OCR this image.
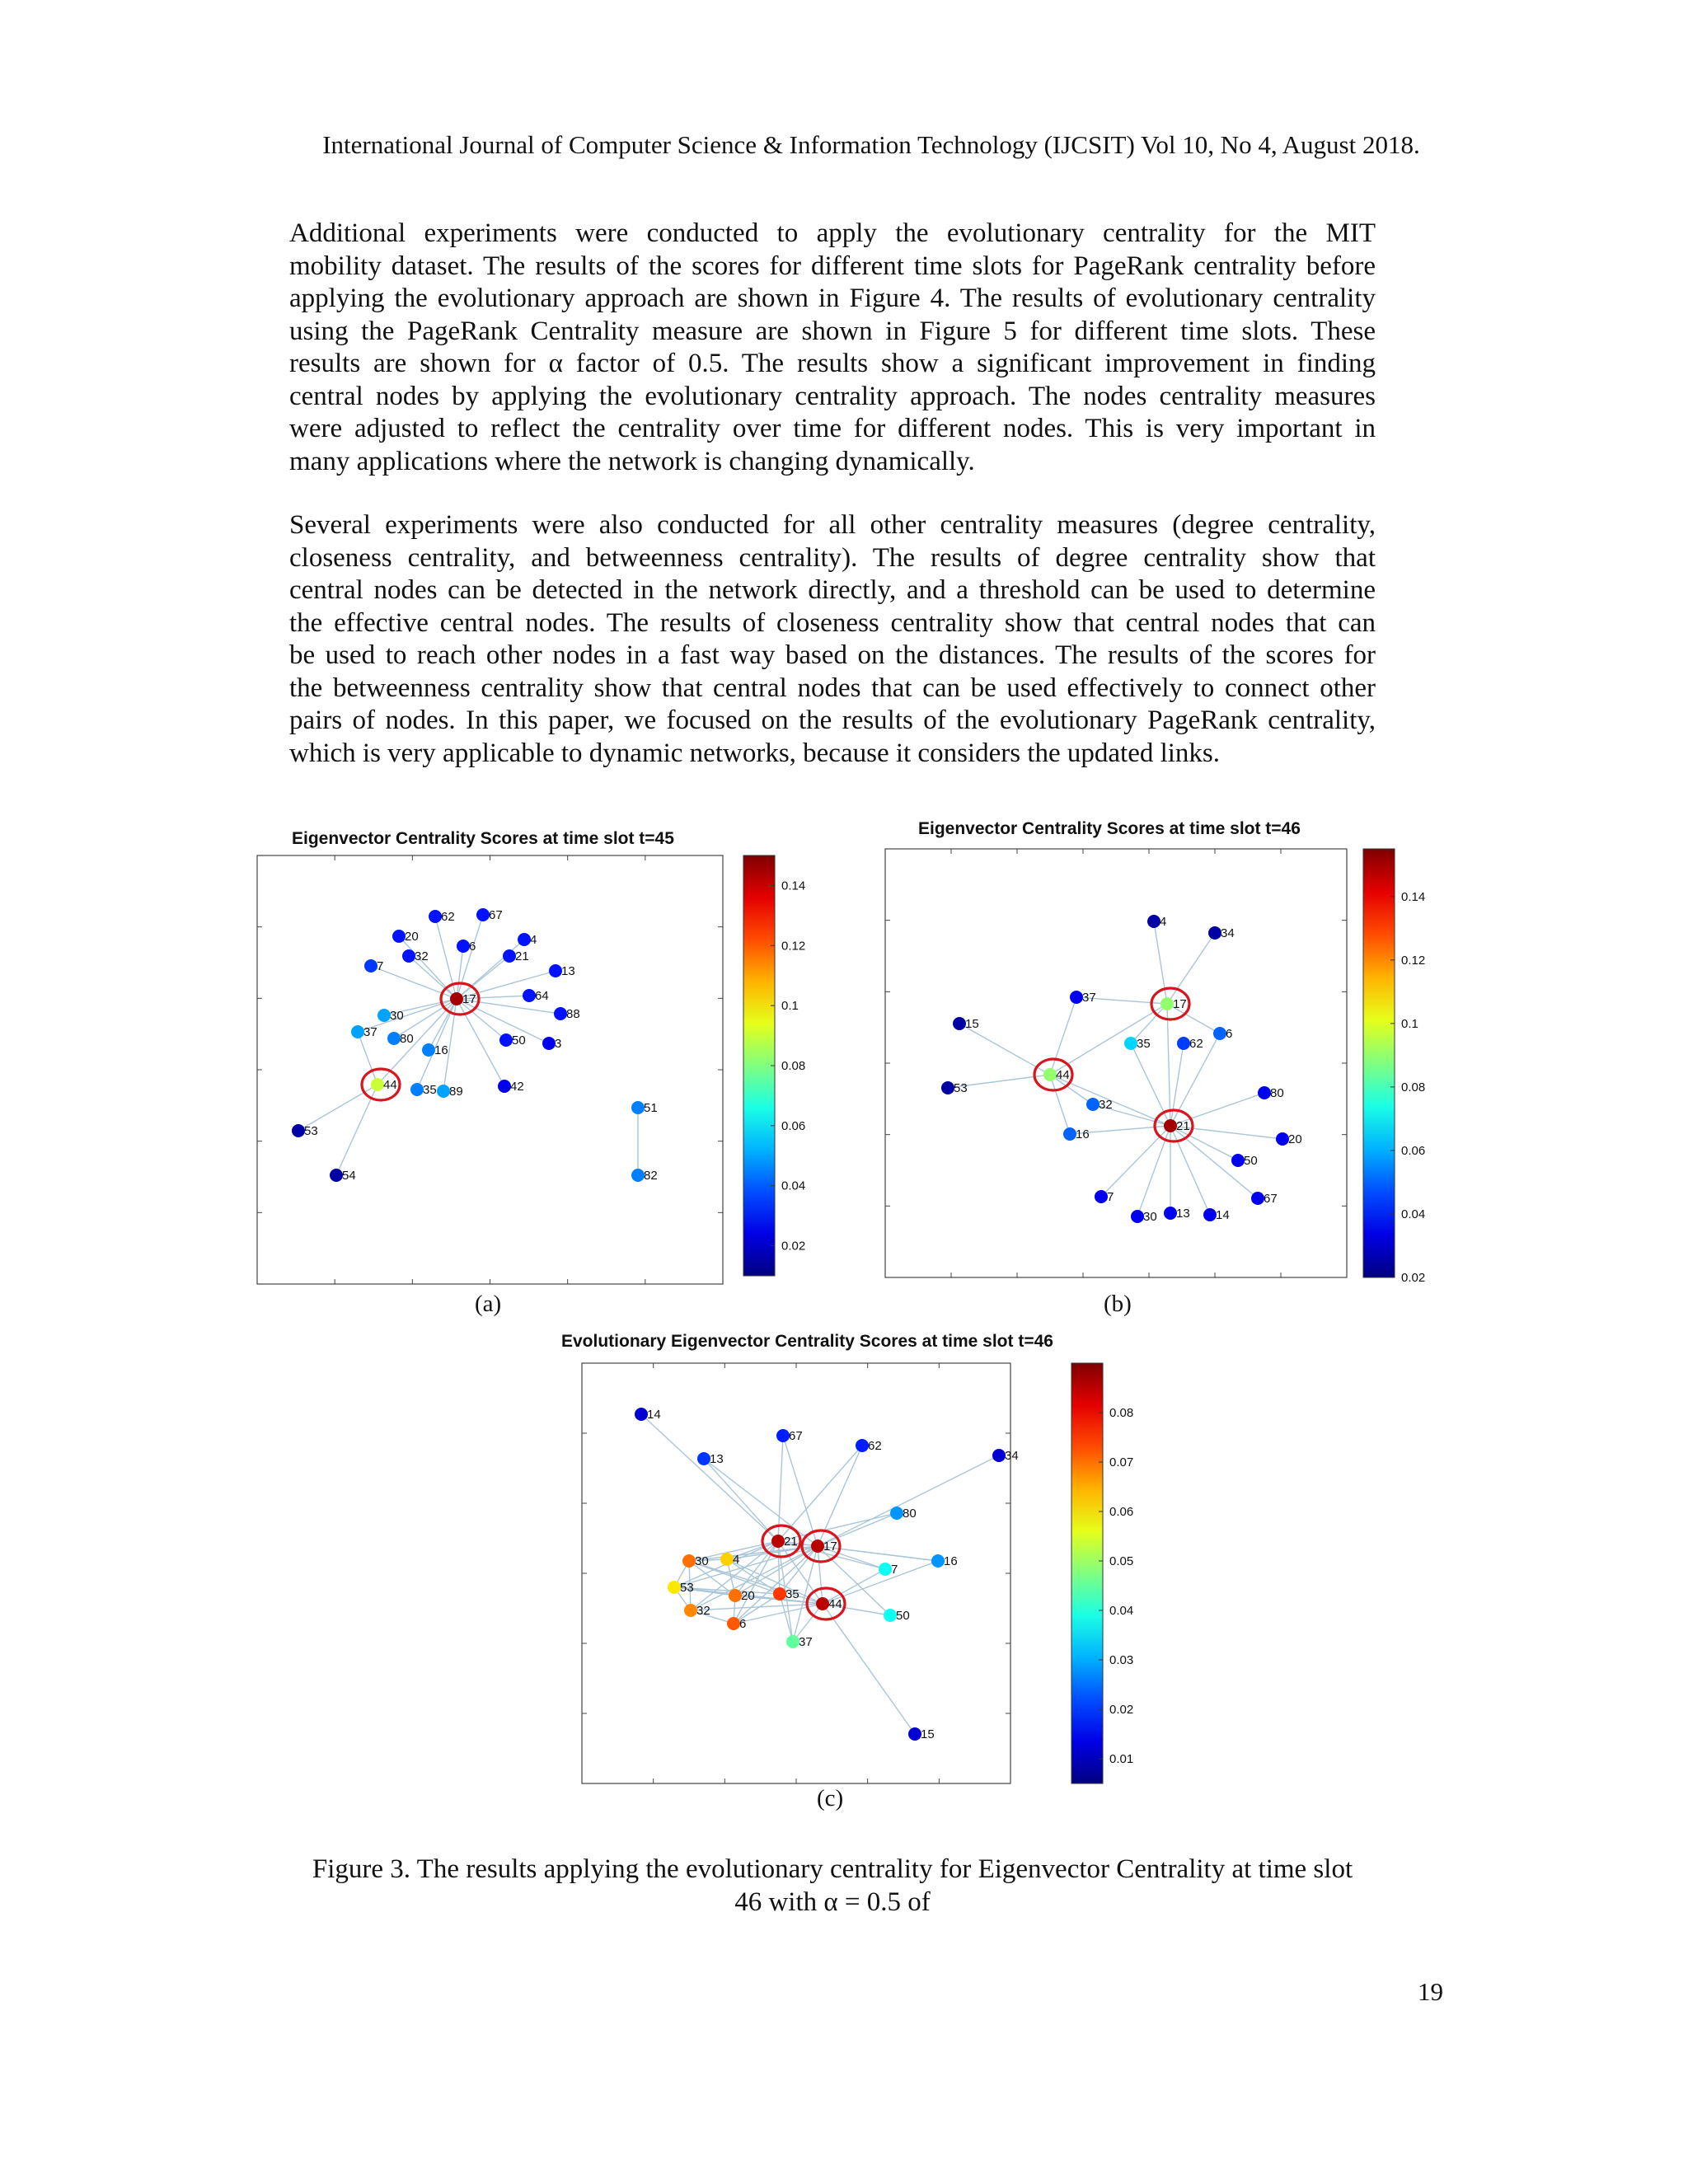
International Journal of Computer Science & Information Technology (IJCSIT) Vol 10, No 4, August 2018.
Additional experiments were conducted to apply the evolutionary centrality for the MIT
mobility dataset. The results of the scores for different time slots for PageRank centrality before
applying the evolutionary approach are shown in Figure 4. The results of evolutionary centrality
using the PageRank Centrality measure are shown in Figure 5 for different time slots. These
results are shown for α factor of 0.5. The results show a significant improvement in finding
central nodes by applying the evolutionary centrality approach. The nodes centrality measures
were adjusted to reflect the centrality over time for different nodes. This is very important in
many applications where the network is changing dynamically.
Several experiments were also conducted for all other centrality measures (degree centrality,
closeness centrality, and betweenness centrality). The results of degree centrality show that
central nodes can be detected in the network directly, and a threshold can be used to determine
the effective central nodes. The results of closeness centrality show that central nodes that can
be used to reach other nodes in a fast way based on the distances. The results of the scores for
the betweenness centrality show that central nodes that can be used effectively to connect other
pairs of nodes. In this paper, we focused on the results of the evolutionary PageRank centrality,
which is very applicable to dynamic networks, because it considers the updated links.
Eigenvector Centrality Scores at time slot t=45
62	67
20
6	4
32	21
7	13
17	64
88
30
37 80
16
50 3
44 35 89	42
51
53
54	82
0.14
0.12
0.1
0.08
0.06
0.04
0.02
(a)
Eigenvector Centrality Scores at time slot t=46
4
34
37	17
15
6
35	62
44
53	80
32
16
21
20
50
7	67
30 13 14
0.14
0.12
0.1
0.08
0.06
0.04
0.02
(b)
Evolutionary Eigenvector Centrality Scores at time slot t=46
14
67
62
13	34
80
21 17
30 4
7
16
53
20 35
44
32
6
50
37
15
0.08
0.07
0.06
0.05
0.04
0.03
0.02
0.01
(c)
Figure 3. The results applying the evolutionary centrality for Eigenvector Centrality at time slot
46 with α = 0.5 of
19
